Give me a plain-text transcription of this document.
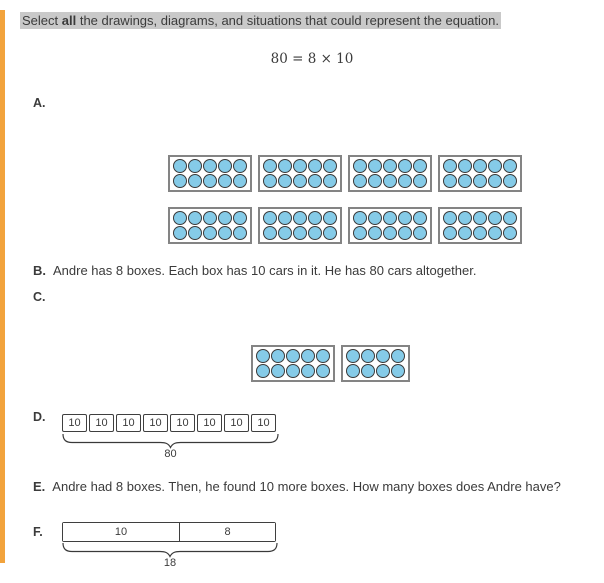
Select all the drawings, diagrams, and situations that could represent the equation.
80 = 8 × 10
A.
B. Andre has 8 boxes. Each box has 10 cars in it. He has 80 cars altogether.
C.
D.	10	10	10	10	10	10	10	10
80
E. Andre had 8 boxes. Then, he found 10 more boxes. How many boxes does Andre have?
F.	10	8
18
